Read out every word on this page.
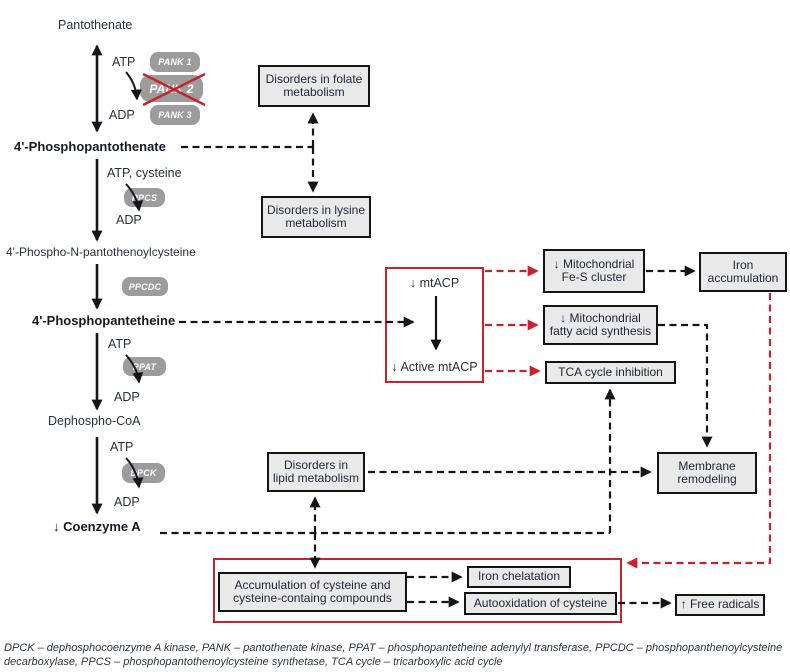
Pantothenate
4'-Phosphopantothenate
4'-Phospho-N-pantothenoylcysteine
4'-Phosphopantetheine
Dephospho-CoA
↓ Coenzyme A
ATP
ADP
ATP, cysteine
ADP
ATP
ADP
ATP
ADP
PANK 1
PANK 2
PANK 3
PPCS
PPCDC
PPAT
DPCK
Disorders in folate metabolism
Disorders in lysine metabolism
↓ Mitochondrial Fe-S cluster
Iron accumulation
↓ Mitochondrial fatty acid synthesis
TCA cycle inhibition
Disorders in lipid metabolism
Membrane remodeling
Accumulation of cysteine and cysteine-containg compounds
Iron chelatation
Autooxidation of cysteine	↑ Free radicals
↓ mtACP
↓ Active mtACP
DPCK – dephosphocoenzyme A kinase, PANK – pantothenate kinase, PPAT – phosphopantetheine adenylyl transferase, PPCDC – phosphopanthenoylcysteine decarboxylase, PPCS – phosphopantothenoylcysteine synthetase, TCA cycle – tricarboxylic acid cycle
